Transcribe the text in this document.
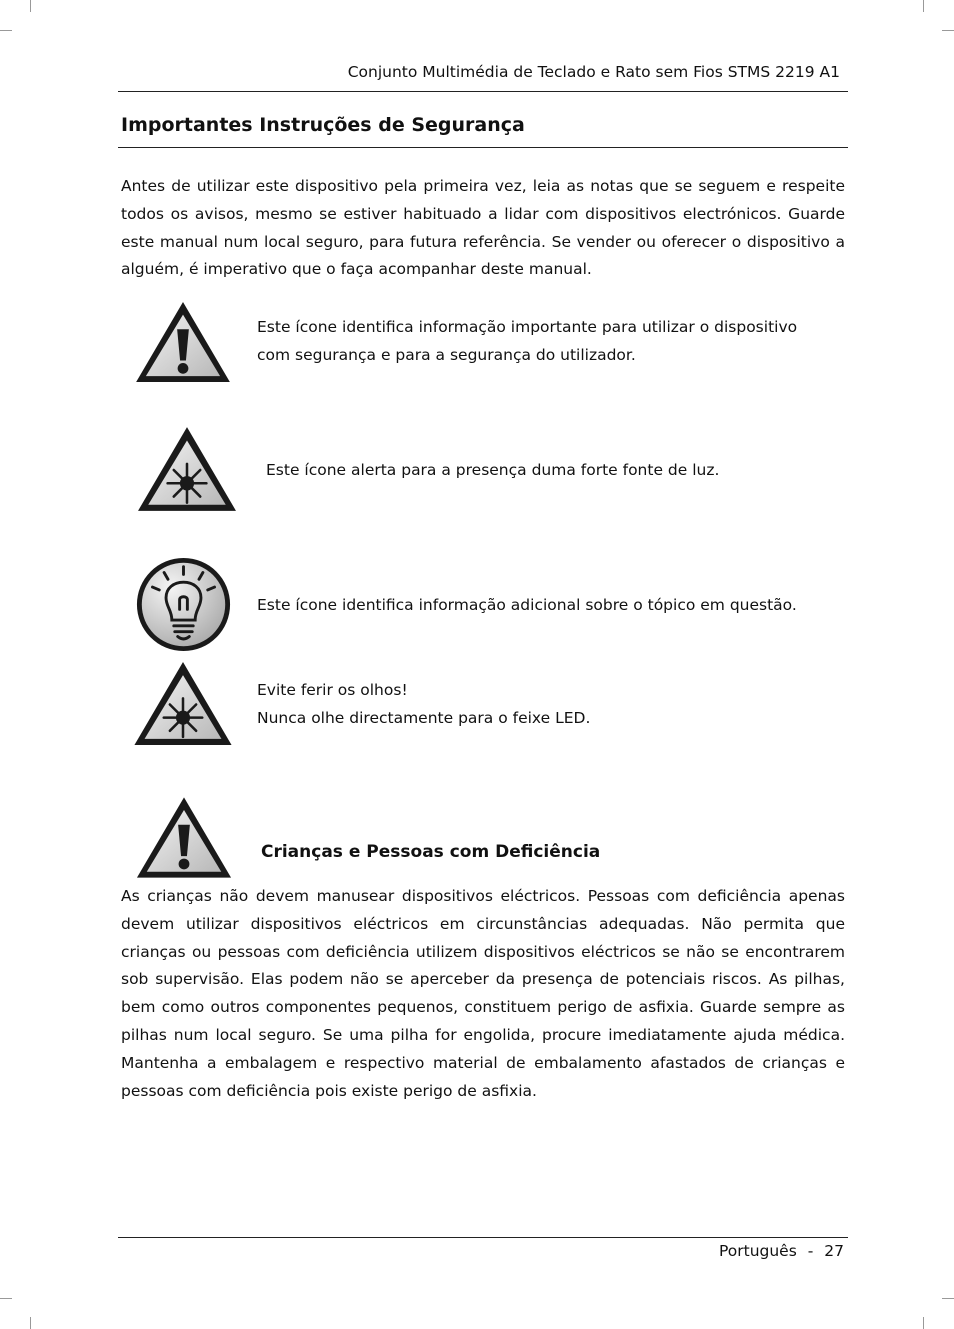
Conjunto Multimédia de Teclado e Rato sem Fios STMS 2219 A1
Importantes Instruções de Segurança

Antes de utilizar este dispositivo pela primeira vez, leia as notas que se seguem e respeite todos os avisos, mesmo se estiver habituado a lidar com dispositivos electrónicos. Guarde este manual num local seguro, para futura referência. Se vender ou oferecer o dispositivo a alguém, é imperativo que o faça acompanhar deste manual.

Este ícone identifica informação importante para utilizar o dispositivo com segurança e para a segurança do utilizador.

Este ícone alerta para a presença duma forte fonte de luz.

Este ícone identifica informação adicional sobre o tópico em questão.

Evite ferir os olhos!

Nunca olhe directamente para o feixe LED.

Crianças e Pessoas com Deficiência

As crianças não devem manusear dispositivos eléctricos. Pessoas com deficiência apenas devem utilizar dispositivos eléctricos em circunstâncias adequadas. Não permita que crianças ou pessoas com deficiência utilizem dispositivos eléctricos se não se encontrarem sob supervisão. Elas podem não se aperceber da presença de potenciais riscos. As pilhas, bem como outros componentes pequenos, constituem perigo de asfixia. Guarde sempre as pilhas num local seguro. Se uma pilha for engolida, procure imediatamente ajuda médica. Mantenha a embalagem e respectivo material de embalamento afastados de crianças e pessoas com deficiência pois existe perigo de asfixia.

Português - 27
